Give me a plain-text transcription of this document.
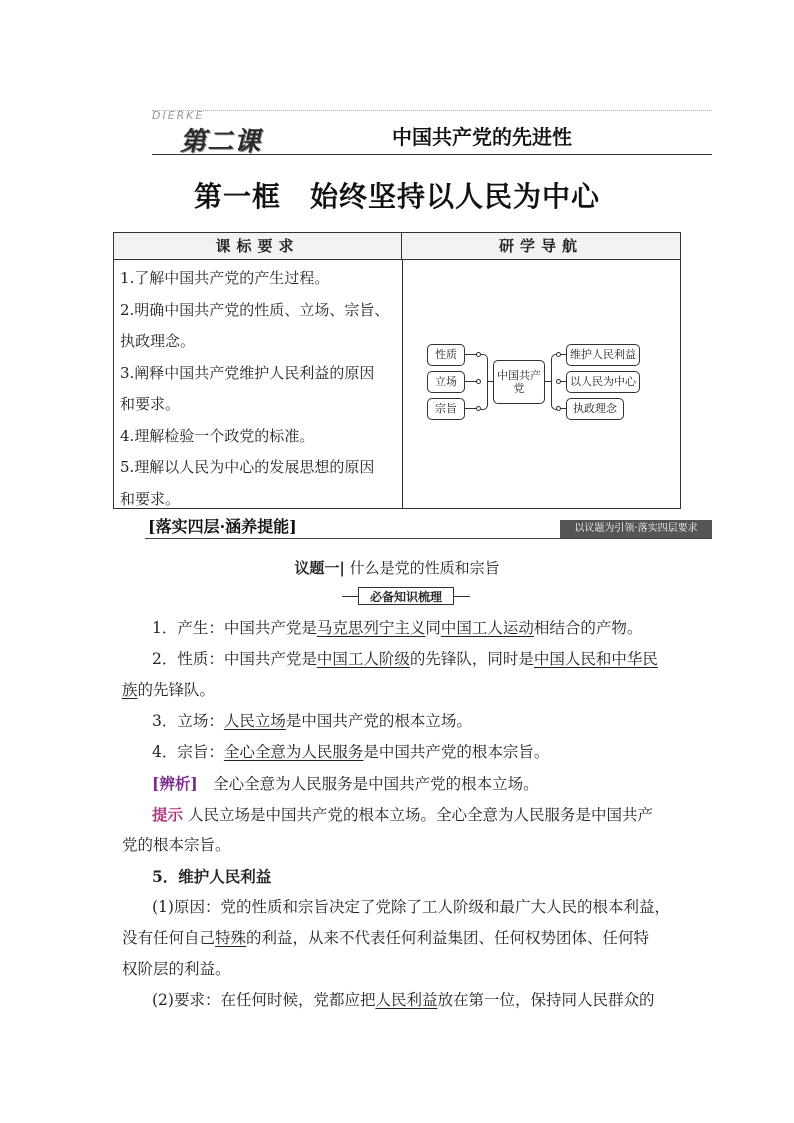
DIERKE
第二课	中国共产党的先进性
第一框　始终坚持以人民为中心
课标要求	研学导航
1.了解中国共产党的产生过程。
2.明确中国共产党的性质、立场、宗旨、
执政理念。
3.阐释中国共产党维护人民利益的原因
和要求。
4.理解检验一个政党的标准。
5.理解以人民为中心的发展思想的原因
和要求。
性质
立场
宗旨
中国共产党
维护人民利益
以人民为中心
执政理念
[落实四层·涵养提能]	以议题为引领·落实四层要求
议题一| 什么是党的性质和宗旨
必备知识梳理
1．产生：中国共产党是马克思列宁主义同中国工人运动相结合的产物。
2．性质：中国共产党是中国工人阶级的先锋队，同时是中国人民和中华民
族的先锋队。
3．立场：人民立场是中国共产党的根本立场。
4．宗旨：全心全意为人民服务是中国共产党的根本宗旨。
[辨析]　全心全意为人民服务是中国共产党的根本立场。
提示 人民立场是中国共产党的根本立场。全心全意为人民服务是中国共产
党的根本宗旨。
5．维护人民利益
(1)原因：党的性质和宗旨决定了党除了工人阶级和最广大人民的根本利益，
没有任何自己特殊的利益，从来不代表任何利益集团、任何权势团体、任何特
权阶层的利益。
(2)要求：在任何时候，党都应把人民利益放在第一位，保持同人民群众的
